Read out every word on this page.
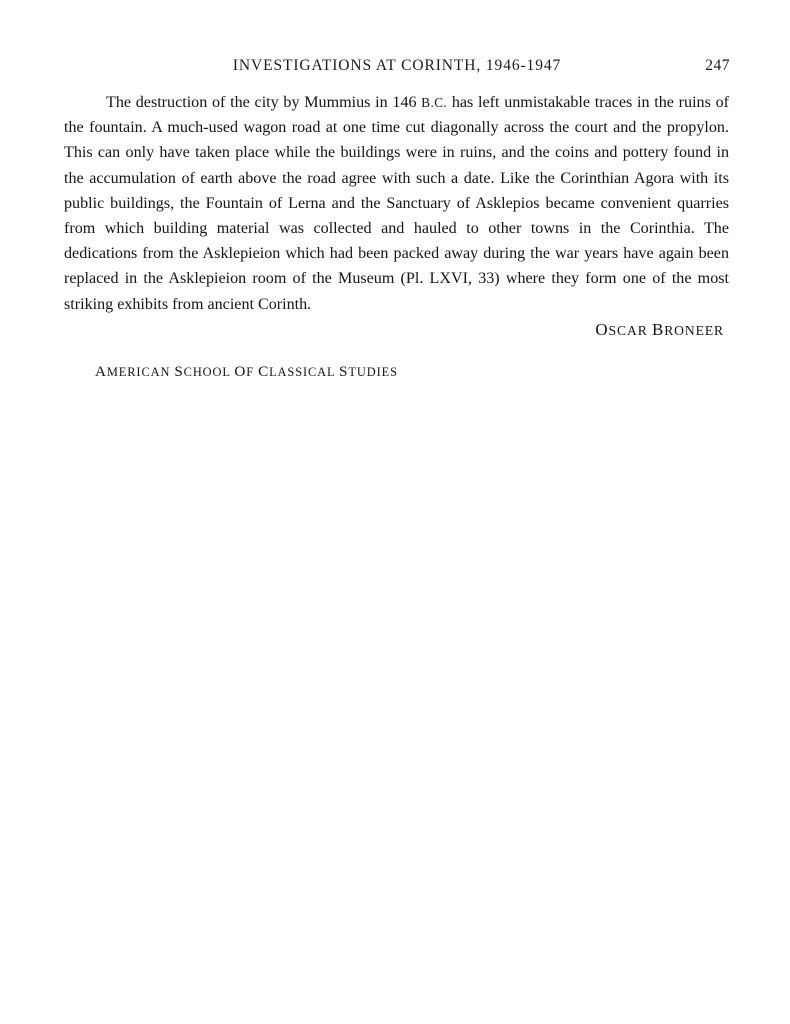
INVESTIGATIONS AT CORINTH, 1946-1947	247

The destruction of the city by Mummius in 146 B.C. has left unmistakable traces in the ruins of the fountain. A much-used wagon road at one time cut diagonally across the court and the propylon. This can only have taken place while the buildings were in ruins, and the coins and pottery found in the accumulation of earth above the road agree with such a date. Like the Corinthian Agora with its public buildings, the Fountain of Lerna and the Sanctuary of Asklepios became convenient quarries from which building material was collected and hauled to other towns in the Corinthia. The dedications from the Asklepieion which had been packed away during the war years have again been replaced in the Asklepieion room of the Museum (Pl. LXVI, 33) where they form one of the most striking exhibits from ancient Corinth.

OSCAR BRONEER
AMERICAN SCHOOL OF CLASSICAL STUDIES
